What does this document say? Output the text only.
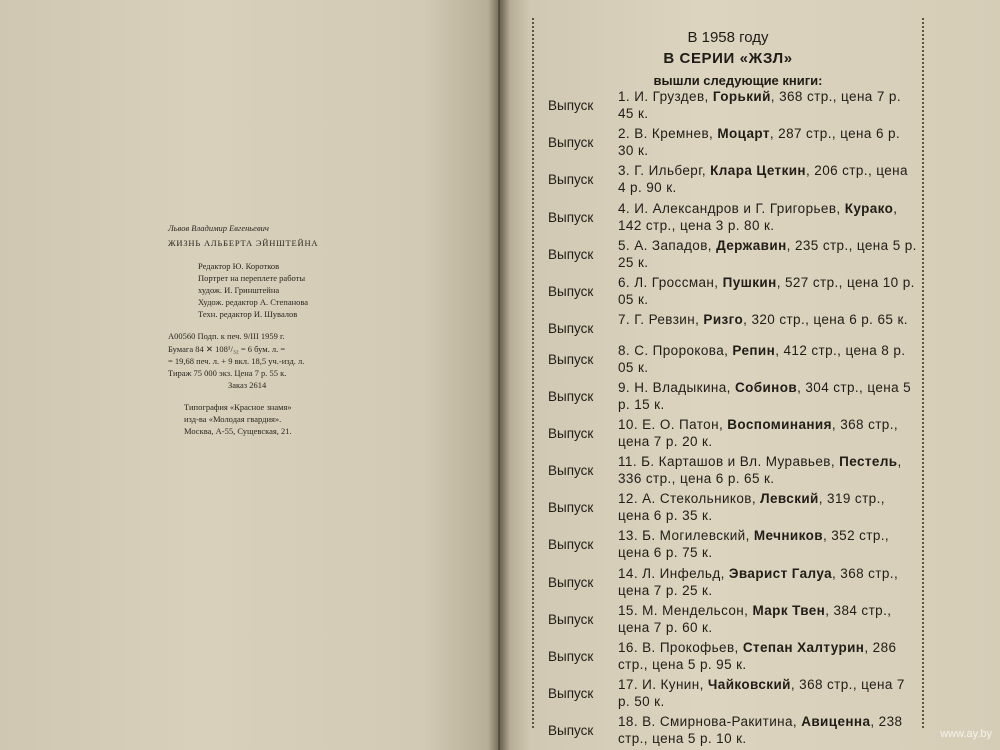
Львов Владимир Евгеньевич
ЖИЗНЬ АЛЬБЕРТА ЭЙНШТЕЙНА
Редактор Ю. Коротков
Портрет на переплете работы
худож. И. Гринштейна
Худож. редактор А. Степанова
Техн. редактор И. Шувалов
А00560 Подп. к печ. 9/III 1959 г.
Бумага 84 ✕ 108¹/₃₂ = 6 бум. л. =
= 19,68 печ. л. + 9 вкл. 18,5 уч.-изд. л.
Тираж 75 000 экз. Цена 7 р. 55 к.
Заказ 2614
Типография «Красное знамя»
изд-ва «Молодая гвардия».
Москва, А-55, Сущевская, 21.
В 1958 году
В СЕРИИ «ЖЗЛ»
вышли следующие книги:
Выпуск
1. И. Груздев, Горький, 368 стр., цена 7 р. 45 к.
Выпуск
2. В. Кремнев, Моцарт, 287 стр., цена 6 р. 30 к.
Выпуск
3. Г. Ильберг, Клара Цеткин, 206 стр., цена 4 р. 90 к.
Выпуск
4. И. Александров и Г. Григорьев, Курако, 142 стр., цена 3 р. 80 к.
Выпуск
5. А. Западов, Державин, 235 стр., цена 5 р. 25 к.
Выпуск
6. Л. Гроссман, Пушкин, 527 стр., цена 10 р. 05 к.
Выпуск
7. Г. Ревзин, Ризго, 320 стр., цена 6 р. 65 к.
Выпуск
8. С. Пророкова, Репин, 412 стр., цена 8 р. 05 к.
Выпуск
9. Н. Владыкина, Собинов, 304 стр., цена 5 р. 15 к.
Выпуск
10. Е. О. Патон, Воспоминания, 368 стр., цена 7 р. 20 к.
Выпуск
11. Б. Карташов и Вл. Муравьев, Пестель, 336 стр., цена 6 р. 65 к.
Выпуск
12. А. Стекольников, Левский, 319 стр., цена 6 р. 35 к.
Выпуск
13. Б. Могилевский, Мечников, 352 стр., цена 6 р. 75 к.
Выпуск
14. Л. Инфельд, Эварист Галуа, 368 стр., цена 7 р. 25 к.
Выпуск
15. М. Мендельсон, Марк Твен, 384 стр., цена 7 р. 60 к.
Выпуск
16. В. Прокофьев, Степан Халтурин, 286 стр., цена 5 р. 95 к.
Выпуск
17. И. Кунин, Чайковский, 368 стр., цена 7 р. 50 к.
Выпуск
18. В. Смирнова-Ракитина, Авиценна, 238 стр., цена 5 р. 10 к.	www.ay.by
